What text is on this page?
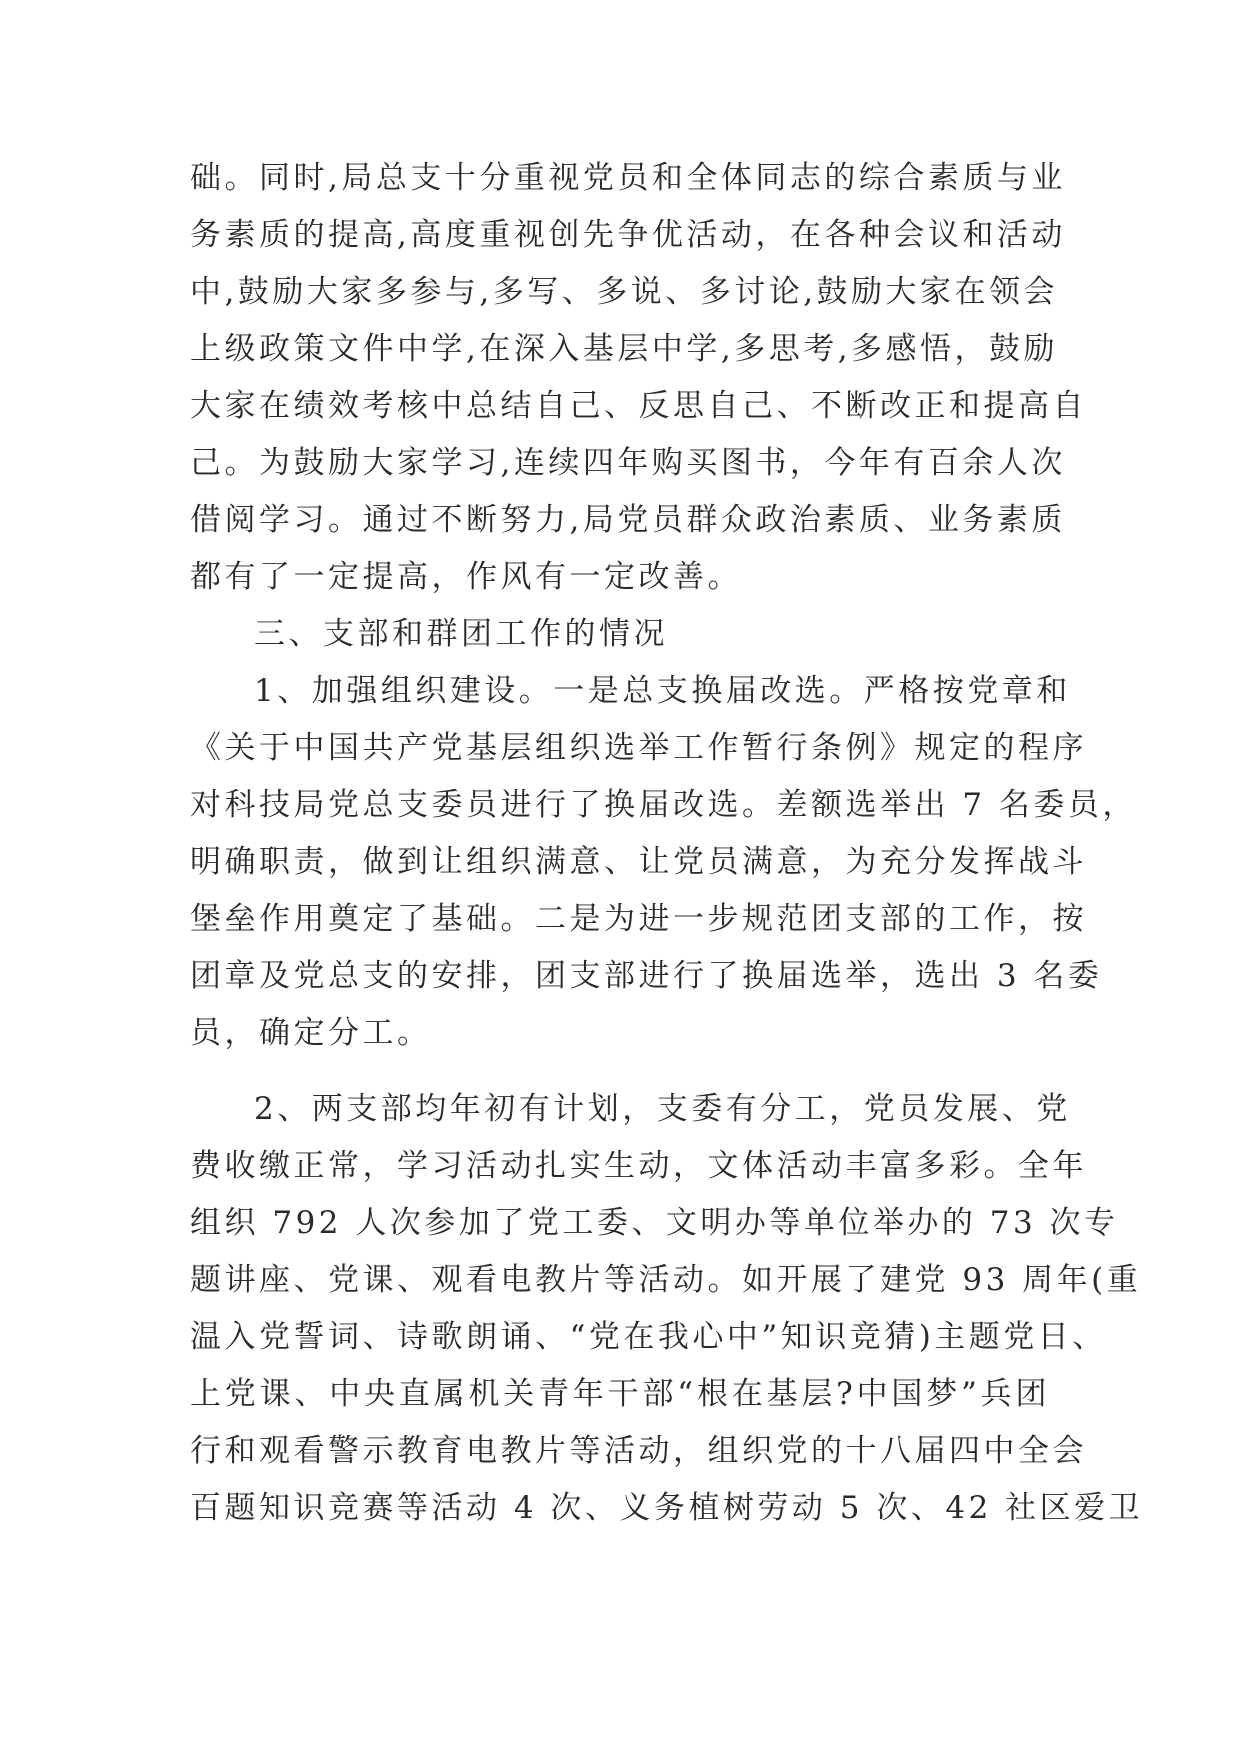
础。同时,局总支十分重视党员和全体同志的综合素质与业
务素质的提高,高度重视创先争优活动，在各种会议和活动
中,鼓励大家多参与,多写、多说、多讨论,鼓励大家在领会
上级政策文件中学,在深入基层中学,多思考,多感悟，鼓励
大家在绩效考核中总结自己、反思自己、不断改正和提高自
己。为鼓励大家学习,连续四年购买图书，今年有百余人次
借阅学习。通过不断努力,局党员群众政治素质、业务素质
都有了一定提高，作风有一定改善。
三、支部和群团工作的情况
1、加强组织建设。一是总支换届改选。严格按党章和
《关于中国共产党基层组织选举工作暂行条例》规定的程序
对科技局党总支委员进行了换届改选。差额选举出 7 名委员，
明确职责，做到让组织满意、让党员满意，为充分发挥战斗
堡垒作用奠定了基础。二是为进一步规范团支部的工作，按
团章及党总支的安排，团支部进行了换届选举，选出 3 名委
员，确定分工。
2、两支部均年初有计划，支委有分工，党员发展、党
费收缴正常，学习活动扎实生动，文体活动丰富多彩。全年
组织 792 人次参加了党工委、文明办等单位举办的 73 次专
题讲座、党课、观看电教片等活动。如开展了建党 93 周年(重
温入党誓词、诗歌朗诵、“党在我心中”知识竞猜)主题党日、
上党课、中央直属机关青年干部“根在基层?中国梦”兵团
行和观看警示教育电教片等活动，组织党的十八届四中全会
百题知识竞赛等活动 4 次、义务植树劳动 5 次、42 社区爱卫
